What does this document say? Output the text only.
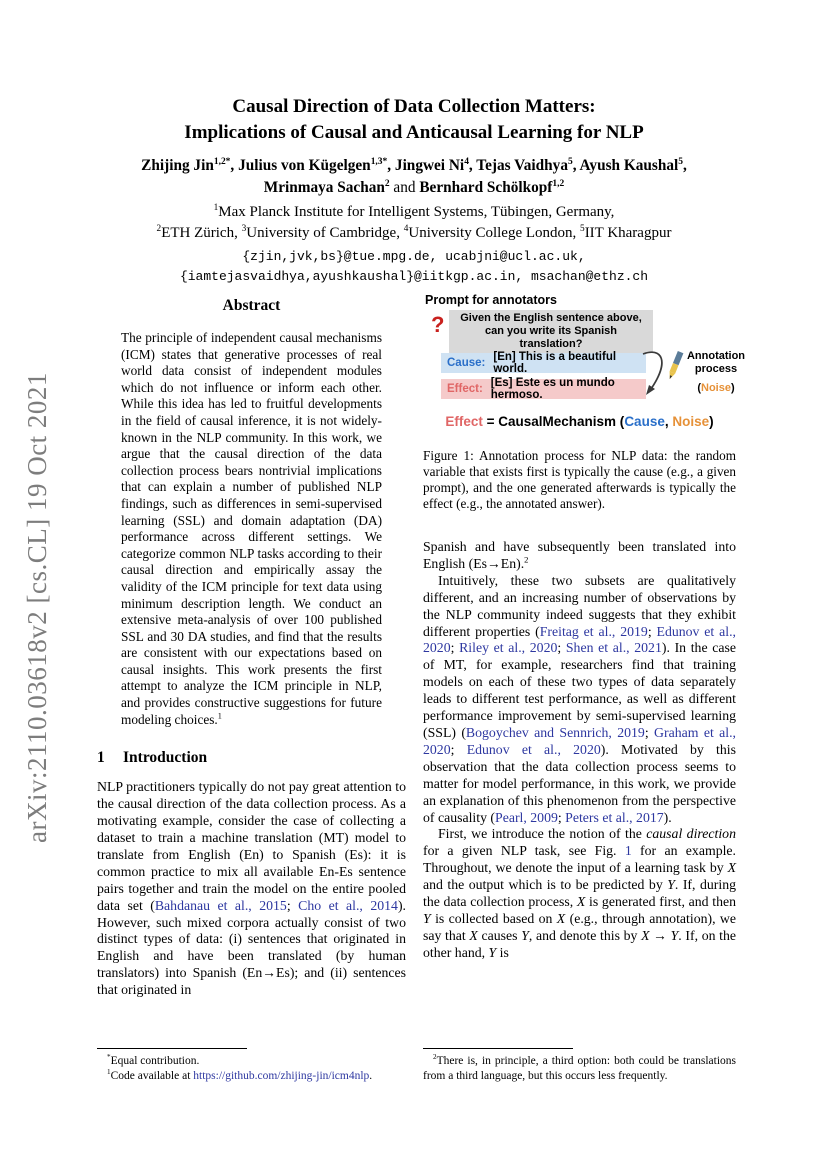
arXiv:2110.03618v2 [cs.CL] 19 Oct 2021
Causal Direction of Data Collection Matters:
Implications of Causal and Anticausal Learning for NLP
Zhijing Jin$^{1,2*}$, Julius von Kügelgen$^{1,3*}$, Jingwei Ni$^4$, Tejas Vaidhya$^5$, Ayush Kaushal$^5$,
Mrinmaya Sachan$^2$ and Bernhard Schölkopf$^{1,2}$
$^1$Max Planck Institute for Intelligent Systems, Tübingen, Germany,
$^2$ETH Zürich, $^3$University of Cambridge, $^4$University College London, $^5$IIT Kharagpur
{zjin,jvk,bs}@tue.mpg.de, ucabjni@ucl.ac.uk,
{iamtejasvaidhya,ayushkaushal}@iitkgp.ac.in, msachan@ethz.ch
Abstract
The principle of independent causal mechanisms (ICM) states that generative processes of real world data consist of independent modules which do not influence or inform each other. While this idea has led to fruitful developments in the field of causal inference, it is not widely-known in the NLP community. In this work, we argue that the causal direction of the data collection process bears nontrivial implications that can explain a number of published NLP findings, such as differences in semi-supervised learning (SSL) and domain adaptation (DA) performance across different settings. We categorize common NLP tasks according to their causal direction and empirically assay the validity of the ICM principle for text data using minimum description length. We conduct an extensive meta-analysis of over 100 published SSL and 30 DA studies, and find that the results are consistent with our expectations based on causal insights. This work presents the first attempt to analyze the ICM principle in NLP, and provides constructive suggestions for future modeling choices.$^1$
1 Introduction

NLP practitioners typically do not pay great attention to the causal direction of the data collection process. As a motivating example, consider the case of collecting a dataset to train a machine translation (MT) model to translate from English (En) to Spanish (Es): it is common practice to mix all available En-Es sentence pairs together and train the model on the entire pooled data set (Bahdanau et al., 2015; Cho et al., 2014). However, such mixed corpora actually consist of two distinct types of data: (i) sentences that originated in English and have been translated (by human translators) into Spanish (En→Es); and (ii) sentences that originated in

*Equal contribution.
$^1$Code available at https://github.com/zhijing-jin/icm4nlp.
Prompt for annotators
?	Given the English sentence above, can you write its Spanish translation?
Cause: [En] This is a beautiful world.
Effect: [Es] Este es un mundo hermoso.
Annotation
process
(Noise)
Effect = CausalMechanism (Cause, Noise)
Figure 1: Annotation process for NLP data: the random variable that exists first is typically the cause (e.g., a given prompt), and the one generated afterwards is typically the effect (e.g., the annotated answer).

Spanish and have subsequently been translated into English (Es→En).$^2$

Intuitively, these two subsets are qualitatively different, and an increasing number of observations by the NLP community indeed suggests that they exhibit different properties (Freitag et al., 2019; Edunov et al., 2020; Riley et al., 2020; Shen et al., 2021). In the case of MT, for example, researchers find that training models on each of these two types of data separately leads to different test performance, as well as different performance improvement by semi-supervised learning (SSL) (Bogoychev and Sennrich, 2019; Graham et al., 2020; Edunov et al., 2020). Motivated by this observation that the data collection process seems to matter for model performance, in this work, we provide an explanation of this phenomenon from the perspective of causality (Pearl, 2009; Peters et al., 2017).

First, we introduce the notion of the causal direction for a given NLP task, see Fig. 1 for an example. Throughout, we denote the input of a learning task by X and the output which is to be predicted by Y. If, during the data collection process, X is generated first, and then Y is collected based on X (e.g., through annotation), we say that X causes Y, and denote this by X → Y. If, on the other hand, Y is

$^2$There is, in principle, a third option: both could be translations from a third language, but this occurs less frequently.
